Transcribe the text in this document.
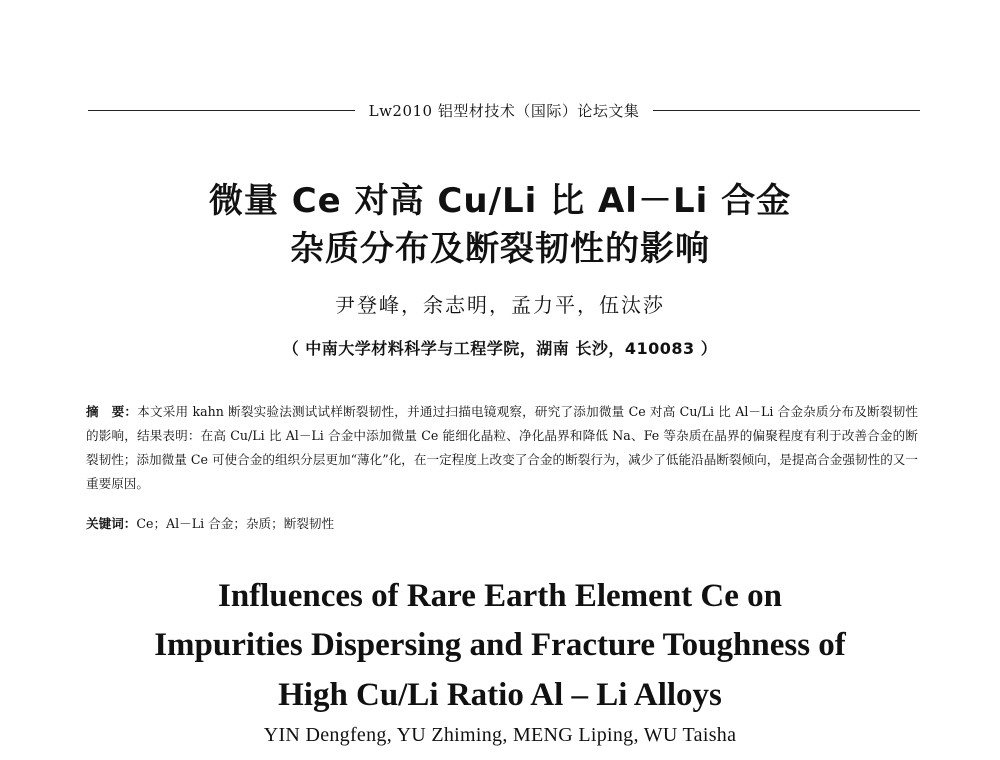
Lw2010 铝型材技术（国际）论坛文集
微量 Ce 对高 Cu/Li 比 Al－Li 合金
杂质分布及断裂韧性的影响
尹登峰，余志明，孟力平，伍汰莎
（ 中南大学材料科学与工程学院，湖南 长沙，410083 ）
摘　要：本文采用 kahn 断裂实验法测试试样断裂韧性，并通过扫描电镜观察，研究了添加微量 Ce 对高 Cu/Li 比 Al－Li 合金杂质分布及断裂韧性的影响，结果表明：在高 Cu/Li 比 Al－Li 合金中添加微量 Ce 能细化晶粒、净化晶界和降低 Na、Fe 等杂质在晶界的偏聚程度有利于改善合金的断裂韧性；添加微量 Ce 可使合金的组织分层更加“薄化”化，在一定程度上改变了合金的断裂行为，减少了低能沿晶断裂倾向，是提高合金强韧性的又一重要原因。
关键词：Ce；Al－Li 合金；杂质；断裂韧性
Influences of Rare Earth Element Ce on
Impurities Dispersing and Fracture Toughness of
High Cu/Li Ratio Al – Li Alloys
YIN Dengfeng, YU Zhiming, MENG Liping, WU Taisha
